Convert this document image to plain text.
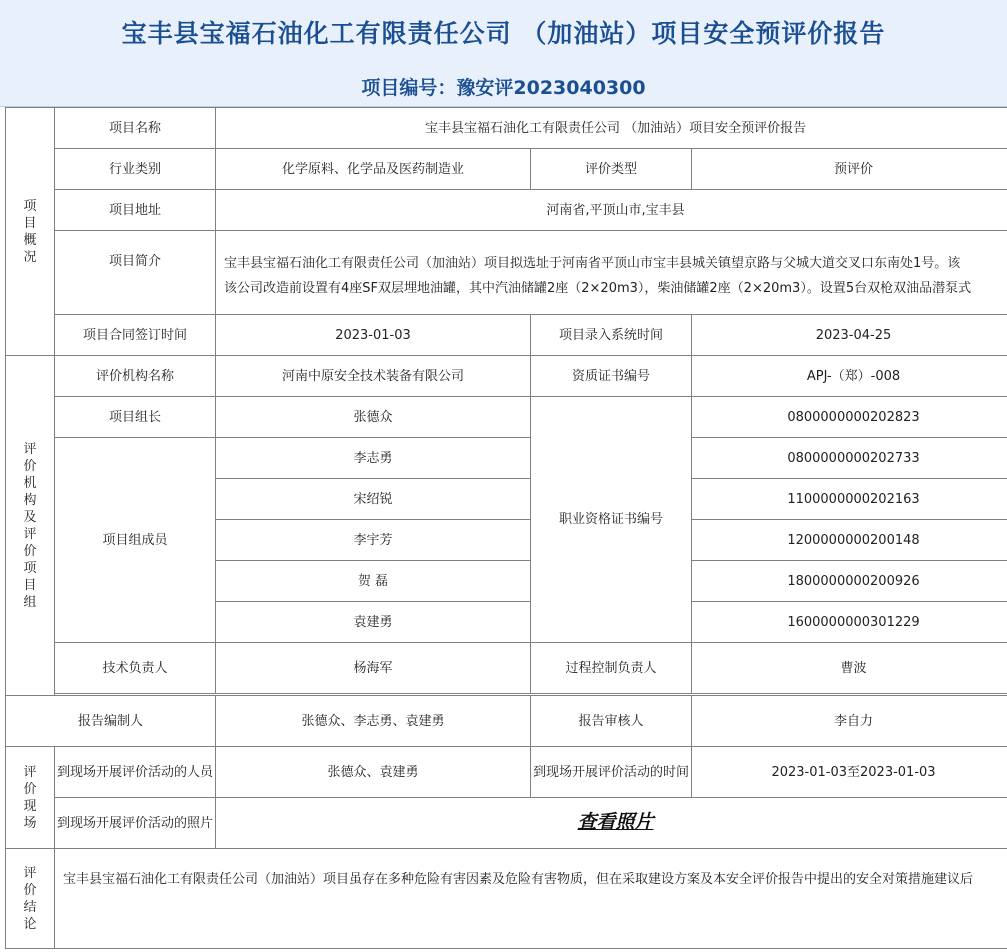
宝丰县宝福石油化工有限责任公司 （加油站）项目安全预评价报告
项目编号：豫安评2023040300
项目概况	项目名称	宝丰县宝福石油化工有限责任公司 （加油站）项目安全预评价报告		
	行业类别	化学原料、化学品及医药制造业	评价类型	预评价
	项目地址	河南省,平顶山市,宝丰县		
	项目简介	宝丰县宝福石油化工有限责任公司（加油站）项目拟选址于河南省平顶山市宝丰县城关镇望京路与父城大道交叉口东南处1号。该
该公司改造前设置有4座SF双层埋地油罐，其中汽油储罐2座（2×20m3），柴油储罐2座（2×20m3）。设置5台双枪双油品潜泵式		

	项目合同签订时间	2023-01-03	项目录入系统时间	2023-04-25
评价机构及评价项目组	评价机构名称	河南中原安全技术装备有限公司	资质证书编号	APJ-（郑）-008
	项目组长	张德众	职业资格证书编号	0800000000202823
	项目组成员	李志勇		0800000000202733
		宋绍锐		1100000000202163
		李宇芳		1200000000200148
		贺 磊		1800000000200926
		袁建勇		1600000000301229
	技术负责人	杨海军	过程控制负责人	曹波

报告编制人		张德众、李志勇、袁建勇	报告审核人	李自力
评价现场	到现场开展评价活动的人员	张德众、袁建勇	到现场开展评价活动的时间	2023-01-03至2023-01-03
	到现场开展评价活动的照片	查看照片		
评价结论	宝丰县宝福石油化工有限责任公司（加油站）项目虽存在多种危险有害因素及危险有害物质，但在采取建设方案及本安全评价报告中提出的安全对策措施建议后			
